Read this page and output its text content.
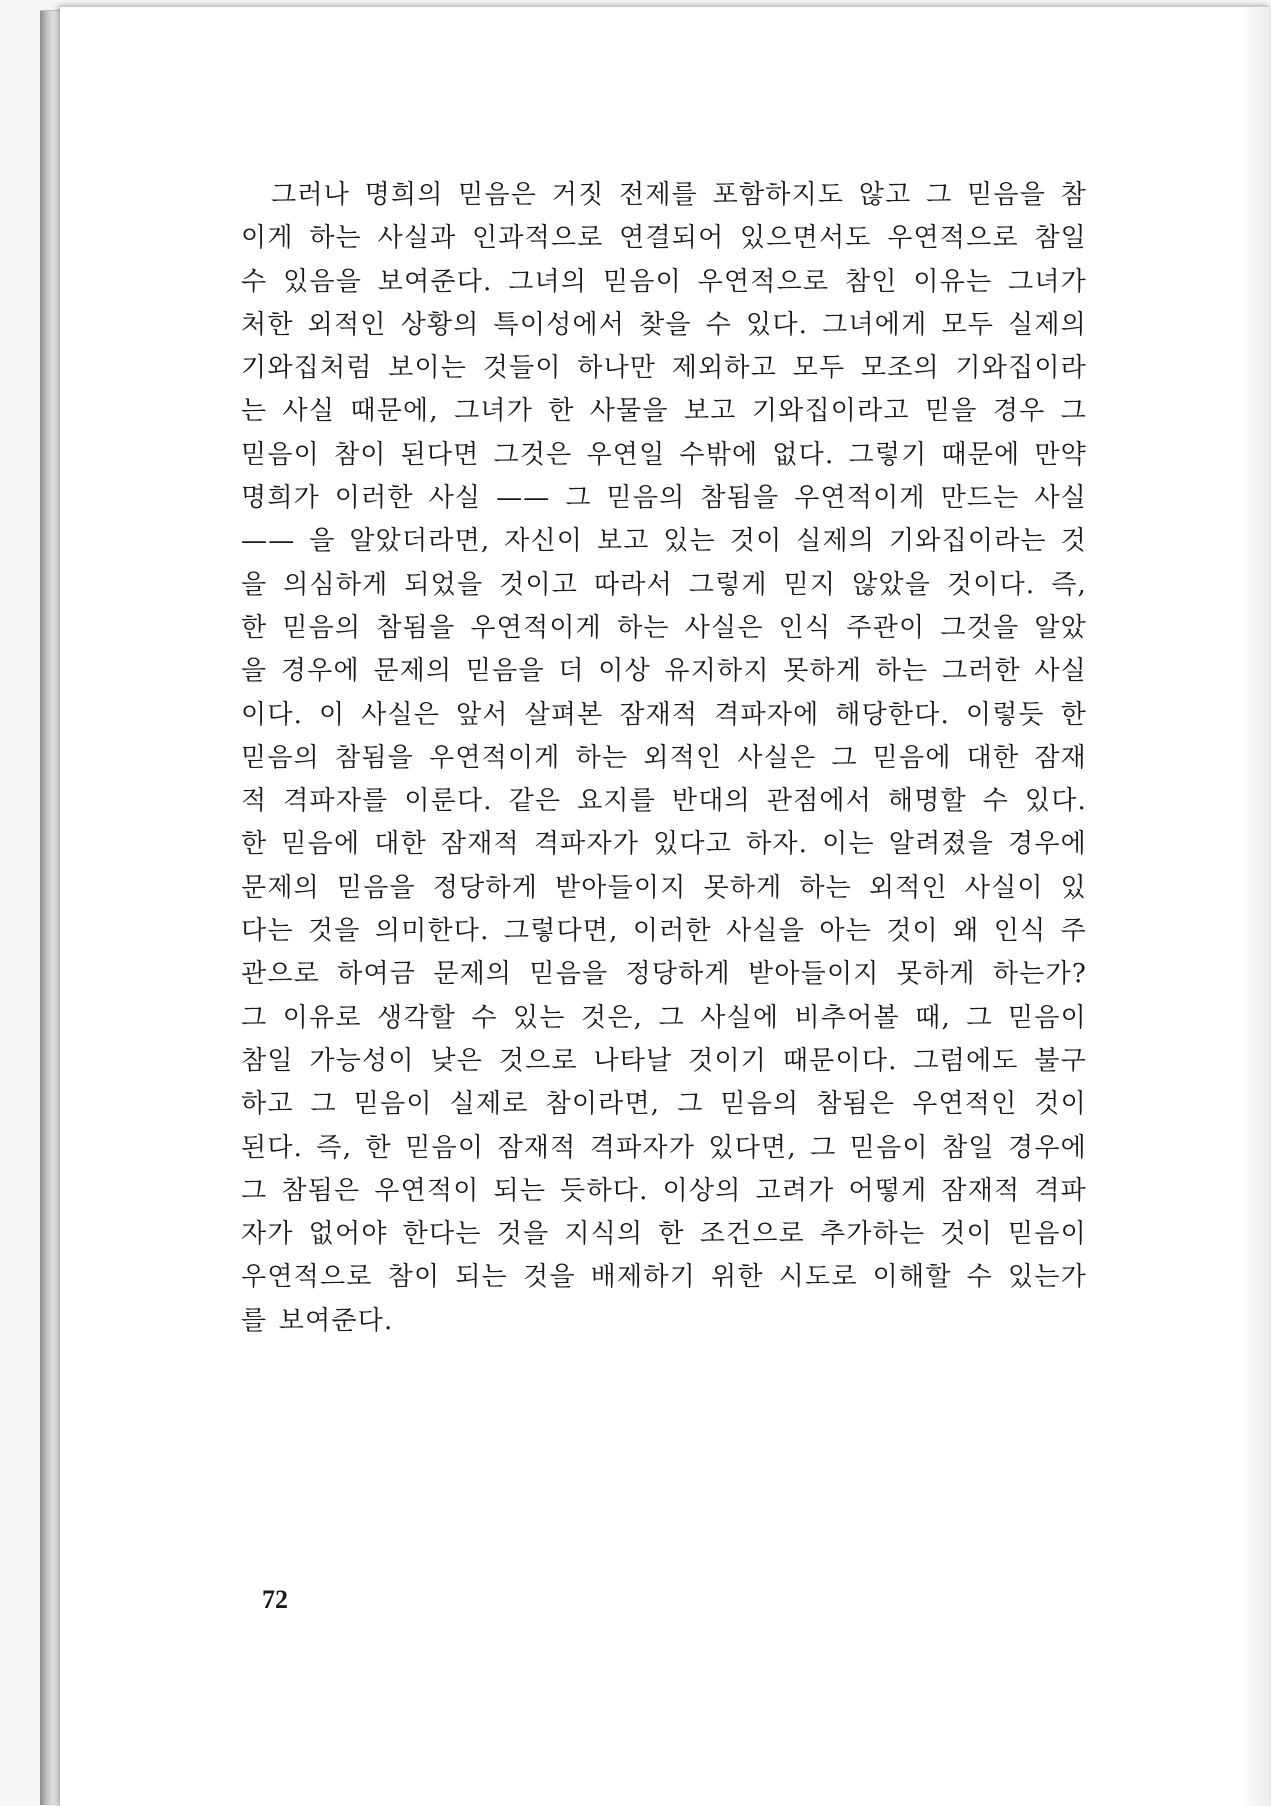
그러나 명희의 믿음은 거짓 전제를 포함하지도 않고 그 믿음을 참
이게 하는 사실과 인과적으로 연결되어 있으면서도 우연적으로 참일
수 있음을 보여준다. 그녀의 믿음이 우연적으로 참인 이유는 그녀가
처한 외적인 상황의 특이성에서 찾을 수 있다. 그녀에게 모두 실제의
기와집처럼 보이는 것들이 하나만 제외하고 모두 모조의 기와집이라
는 사실 때문에, 그녀가 한 사물을 보고 기와집이라고 믿을 경우 그
믿음이 참이 된다면 그것은 우연일 수밖에 없다. 그렇기 때문에 만약
명희가 이러한 사실 —— 그 믿음의 참됨을 우연적이게 만드는 사실
—— 을 알았더라면, 자신이 보고 있는 것이 실제의 기와집이라는 것
을 의심하게 되었을 것이고 따라서 그렇게 믿지 않았을 것이다. 즉,
한 믿음의 참됨을 우연적이게 하는 사실은 인식 주관이 그것을 알았
을 경우에 문제의 믿음을 더 이상 유지하지 못하게 하는 그러한 사실
이다. 이 사실은 앞서 살펴본 잠재적 격파자에 해당한다. 이렇듯 한
믿음의 참됨을 우연적이게 하는 외적인 사실은 그 믿음에 대한 잠재
적 격파자를 이룬다. 같은 요지를 반대의 관점에서 해명할 수 있다.
한 믿음에 대한 잠재적 격파자가 있다고 하자. 이는 알려졌을 경우에
문제의 믿음을 정당하게 받아들이지 못하게 하는 외적인 사실이 있
다는 것을 의미한다. 그렇다면, 이러한 사실을 아는 것이 왜 인식 주
관으로 하여금 문제의 믿음을 정당하게 받아들이지 못하게 하는가?
그 이유로 생각할 수 있는 것은, 그 사실에 비추어볼 때, 그 믿음이
참일 가능성이 낮은 것으로 나타날 것이기 때문이다. 그럼에도 불구
하고 그 믿음이 실제로 참이라면, 그 믿음의 참됨은 우연적인 것이
된다. 즉, 한 믿음이 잠재적 격파자가 있다면, 그 믿음이 참일 경우에
그 참됨은 우연적이 되는 듯하다. 이상의 고려가 어떻게 잠재적 격파
자가 없어야 한다는 것을 지식의 한 조건으로 추가하는 것이 믿음이
우연적으로 참이 되는 것을 배제하기 위한 시도로 이해할 수 있는가
를 보여준다.
72
